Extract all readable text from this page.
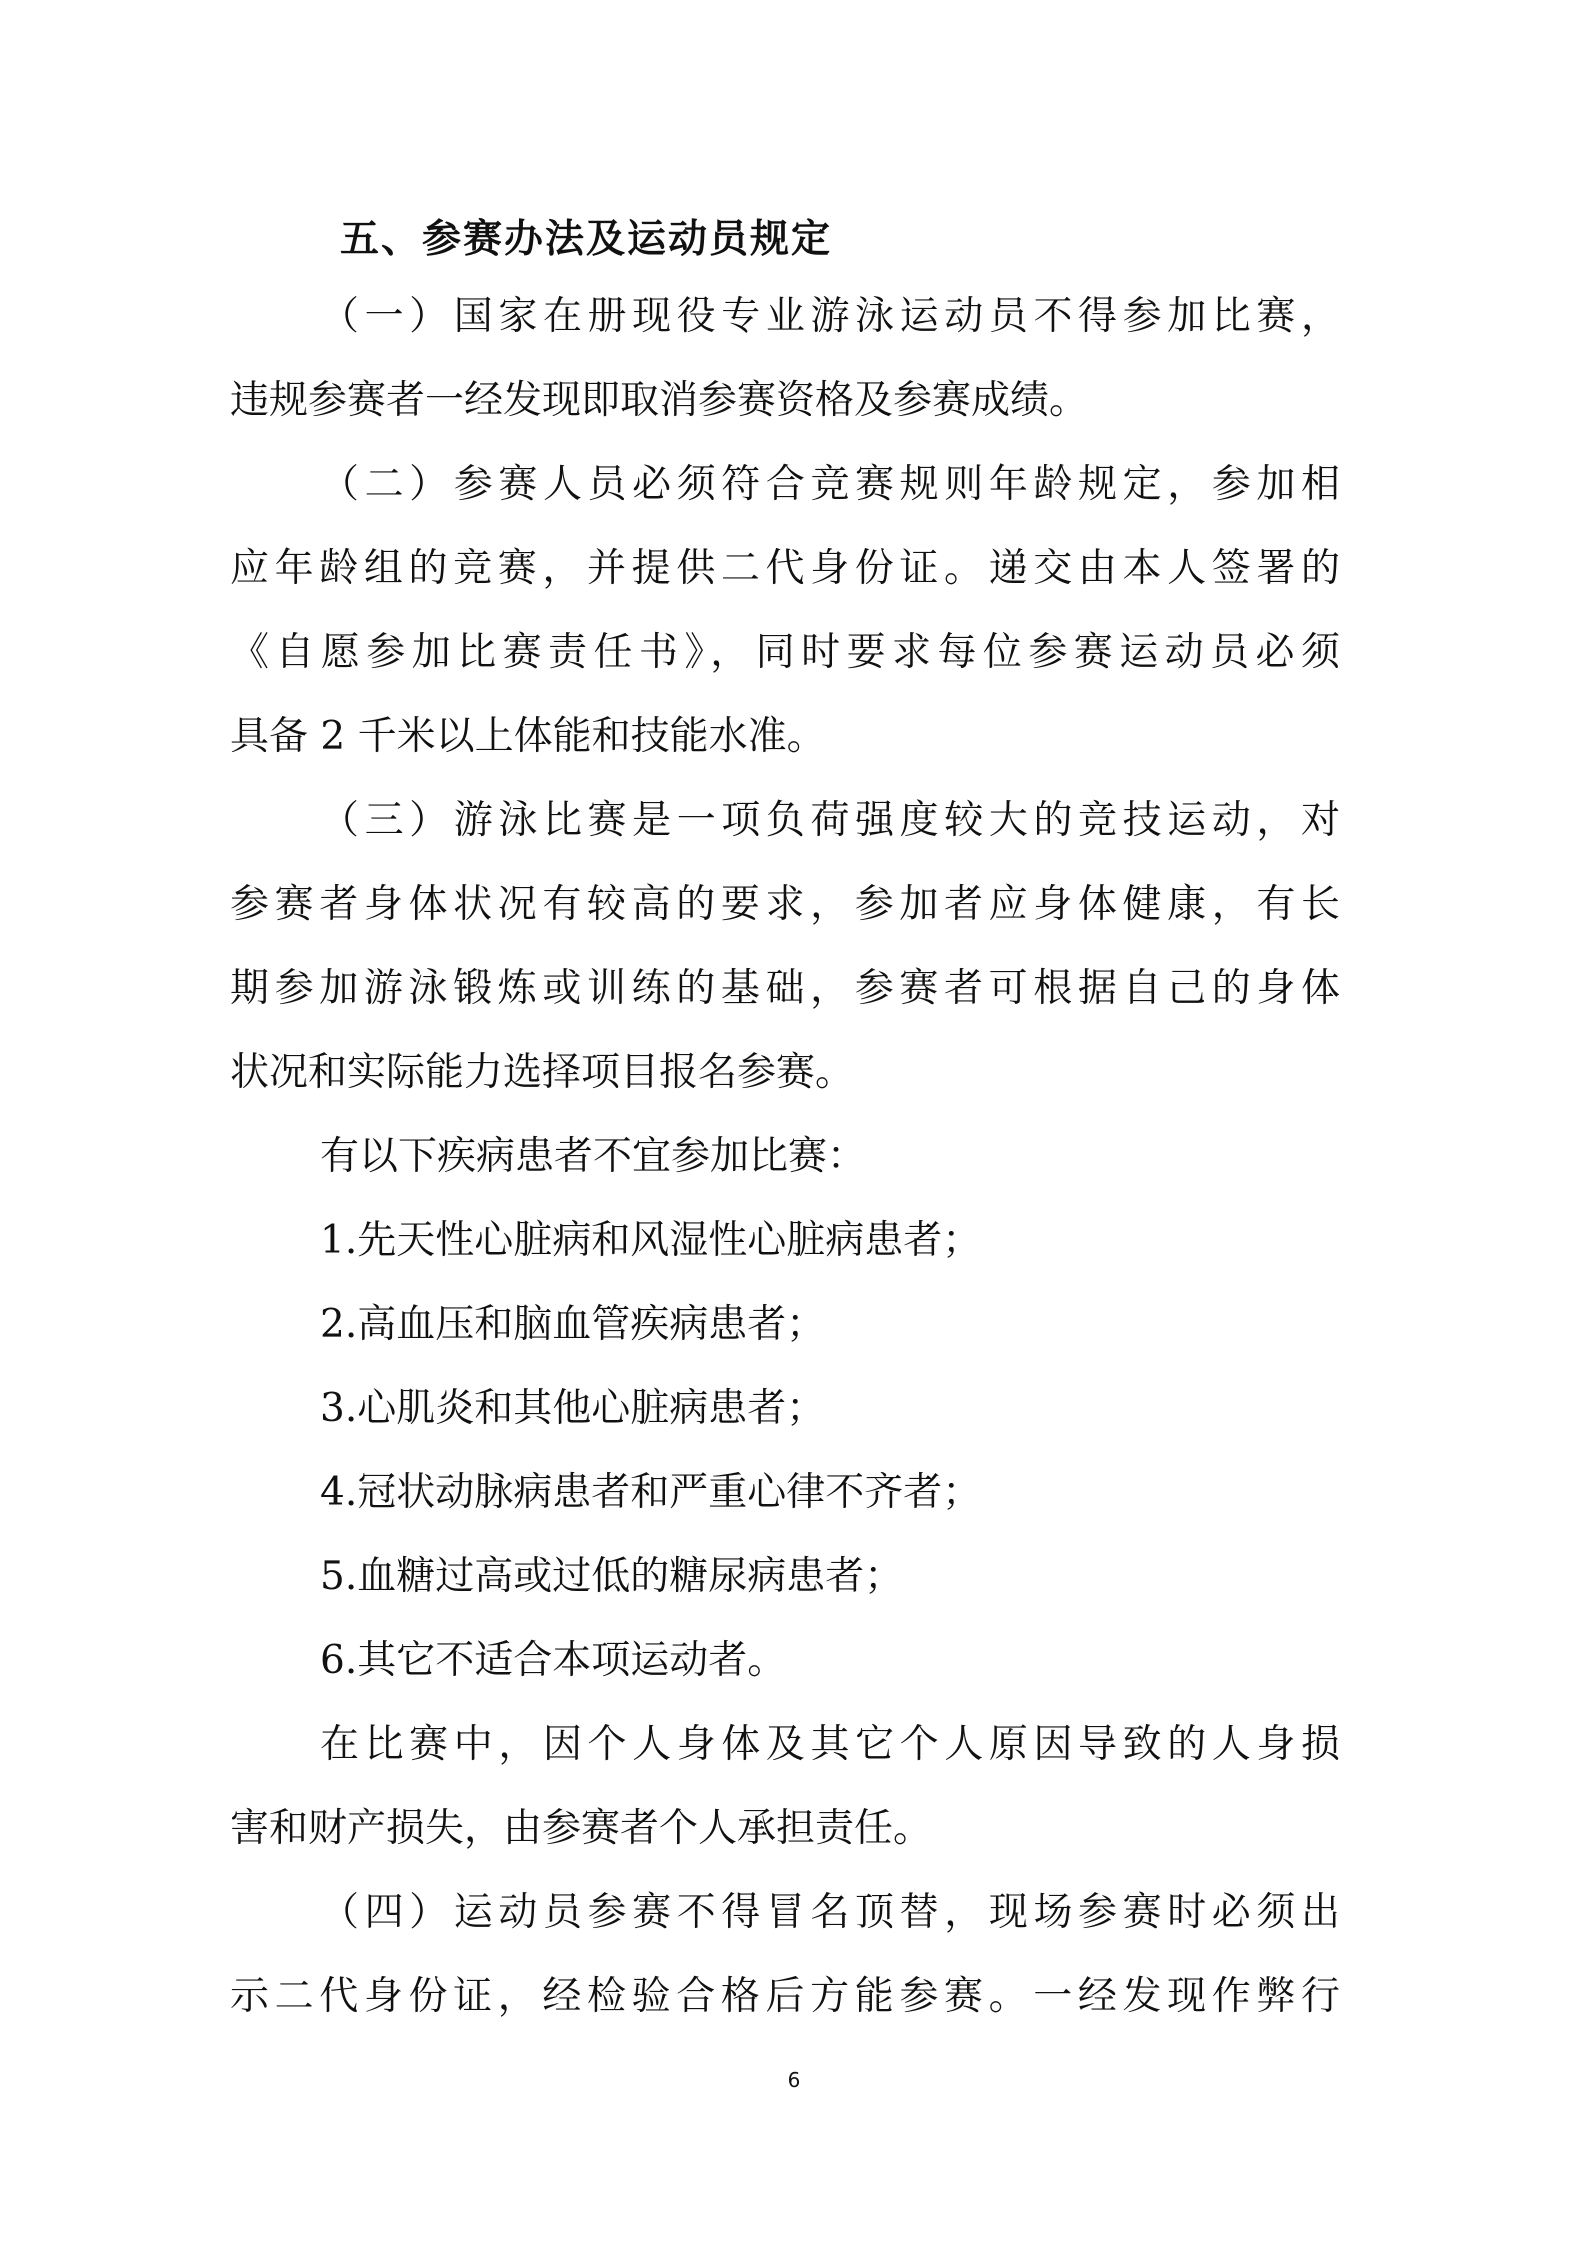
五、参赛办法及运动员规定

（一）国家在册现役专业游泳运动员不得参加比赛，

违规参赛者一经发现即取消参赛资格及参赛成绩。

（二）参赛人员必须符合竞赛规则年龄规定，参加相

应年龄组的竞赛，并提供二代身份证。递交由本人签署的

《自愿参加比赛责任书》，同时要求每位参赛运动员必须

具备 2 千米以上体能和技能水准。

（三）游泳比赛是一项负荷强度较大的竞技运动，对

参赛者身体状况有较高的要求，参加者应身体健康，有长

期参加游泳锻炼或训练的基础，参赛者可根据自己的身体

状况和实际能力选择项目报名参赛。

有以下疾病患者不宜参加比赛：

1.先天性心脏病和风湿性心脏病患者；

2.高血压和脑血管疾病患者；

3.心肌炎和其他心脏病患者；

4.冠状动脉病患者和严重心律不齐者；

5.血糖过高或过低的糖尿病患者；

6.其它不适合本项运动者。

在比赛中，因个人身体及其它个人原因导致的人身损

害和财产损失，由参赛者个人承担责任。

（四）运动员参赛不得冒名顶替，现场参赛时必须出

示二代身份证，经检验合格后方能参赛。一经发现作弊行

6
